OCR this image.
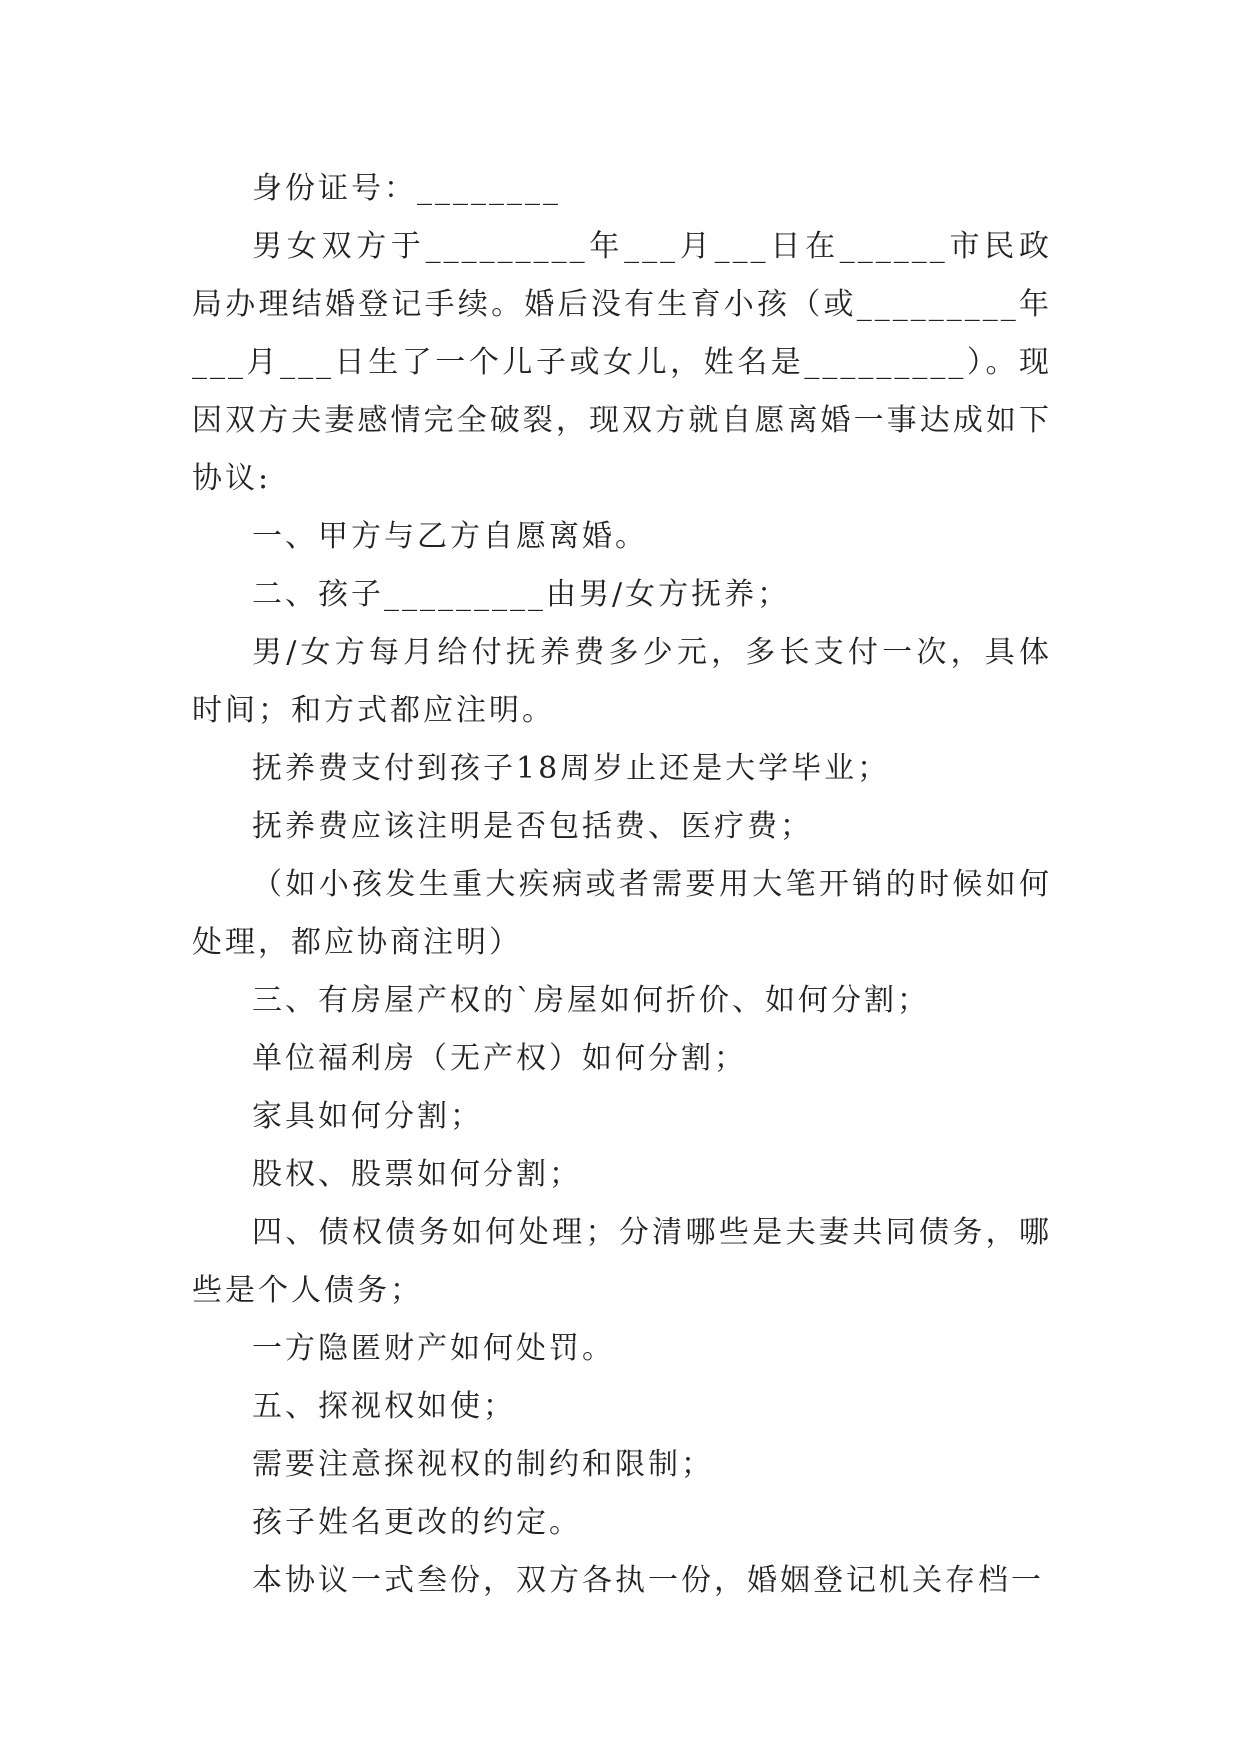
身份证号：________

男女双方于_________年___月___日在______市民政局办理结婚登记手续。婚后没有生育小孩（或_________年___月___日生了一个儿子或女儿，姓名是_________）。现因双方夫妻感情完全破裂，现双方就自愿离婚一事达成如下协议:

一、甲方与乙方自愿离婚。

二、孩子_________由男/女方抚养；

男/女方每月给付抚养费多少元，多长支付一次，具体时间；和方式都应注明。

抚养费支付到孩子18周岁止还是大学毕业；

抚养费应该注明是否包括费、医疗费；

（如小孩发生重大疾病或者需要用大笔开销的时候如何处理，都应协商注明）

三、有房屋产权的`房屋如何折价、如何分割；

单位福利房（无产权）如何分割；

家具如何分割；

股权、股票如何分割；

四、债权债务如何处理；分清哪些是夫妻共同债务，哪些是个人债务；

一方隐匿财产如何处罚。

五、探视权如使；

需要注意探视权的制约和限制；

孩子姓名更改的约定。

本协议一式叁份，双方各执一份，婚姻登记机关存档一
